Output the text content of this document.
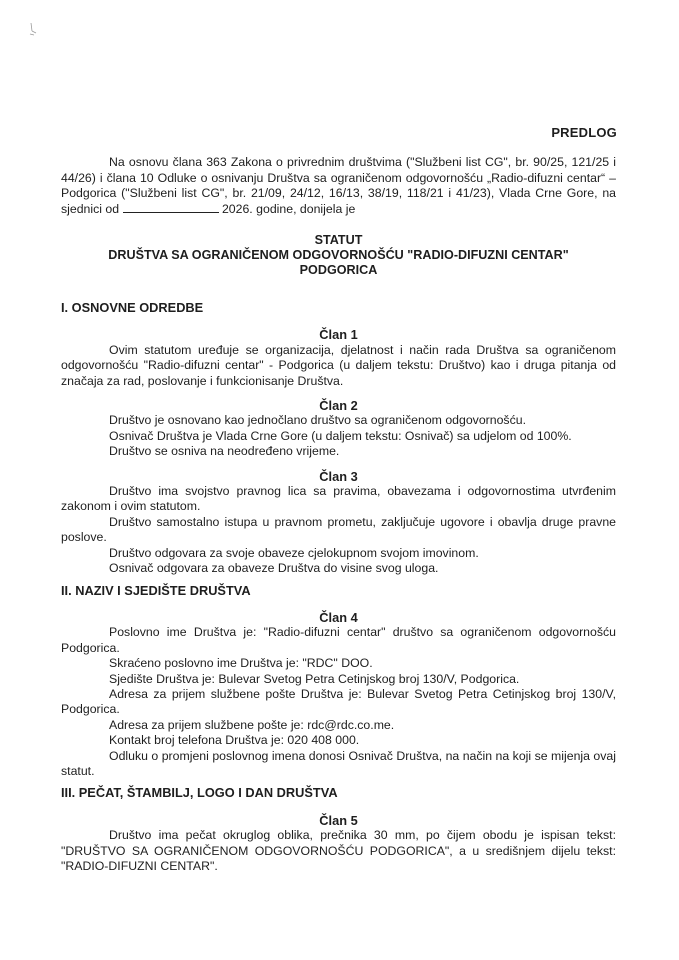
PREDLOG

Na osnovu člana 363 Zakona o privrednim društvima ("Službeni list CG", br. 90/25, 121/25 i 44/26) i člana 10 Odluke o osnivanju Društva sa ograničenom odgovornošću „Radio-difuzni centar“ – Podgorica ("Službeni list CG", br. 21/09, 24/12, 16/13, 38/19, 118/21 i 41/23), Vlada Crne Gore, na sjednici od	2026. godine, donijela je

STATUT
DRUŠTVA SA OGRANIČENOM ODGOVORNOŠĆU "RADIO-DIFUZNI CENTAR"
PODGORICA

I. OSNOVNE ODREDBE

Član 1

Ovim statutom uređuje se organizacija, djelatnost i način rada Društva sa ograničenom odgovornošću "Radio-difuzni centar" - Podgorica (u daljem tekstu: Društvo) kao i druga pitanja od značaja za rad, poslovanje i funkcionisanje Društva.

Član 2

Društvo je osnovano kao jednočlano društvo sa ograničenom odgovornošću.

Osnivač Društva je Vlada Crne Gore (u daljem tekstu: Osnivač) sa udjelom od 100%.

Društvo se osniva na neodređeno vrijeme.

Član 3

Društvo ima svojstvo pravnog lica sa pravima, obavezama i odgovornostima utvrđenim zakonom i ovim statutom.

Društvo samostalno istupa u pravnom prometu, zaključuje ugovore i obavlja druge pravne poslove.

Društvo odgovara za svoje obaveze cjelokupnom svojom imovinom.

Osnivač odgovara za obaveze Društva do visine svog uloga.

II. NAZIV I SJEDIŠTE DRUŠTVA

Član 4

Poslovno ime Društva je: "Radio-difuzni centar" društvo sa ograničenom odgovornošću Podgorica.

Skraćeno poslovno ime Društva je: "RDC" DOO.

Sjedište Društva je: Bulevar Svetog Petra Cetinjskog broj 130/V, Podgorica.

Adresa za prijem službene pošte Društva je: Bulevar Svetog Petra Cetinjskog broj 130/V, Podgorica.

Adresa za prijem službene pošte je: rdc@rdc.co.me.

Kontakt broj telefona Društva je: 020 408 000.

Odluku o promjeni poslovnog imena donosi Osnivač Društva, na način na koji se mijenja ovaj statut.

III. PEČAT, ŠTAMBILJ, LOGO I DAN DRUŠTVA

Član 5

Društvo ima pečat okruglog oblika, prečnika 30 mm, po čijem obodu je ispisan tekst: "DRUŠTVO SA OGRANIČENOM ODGOVORNOŠĆU PODGORICA", a u središnjem dijelu tekst: "RADIO-DIFUZNI CENTAR".
